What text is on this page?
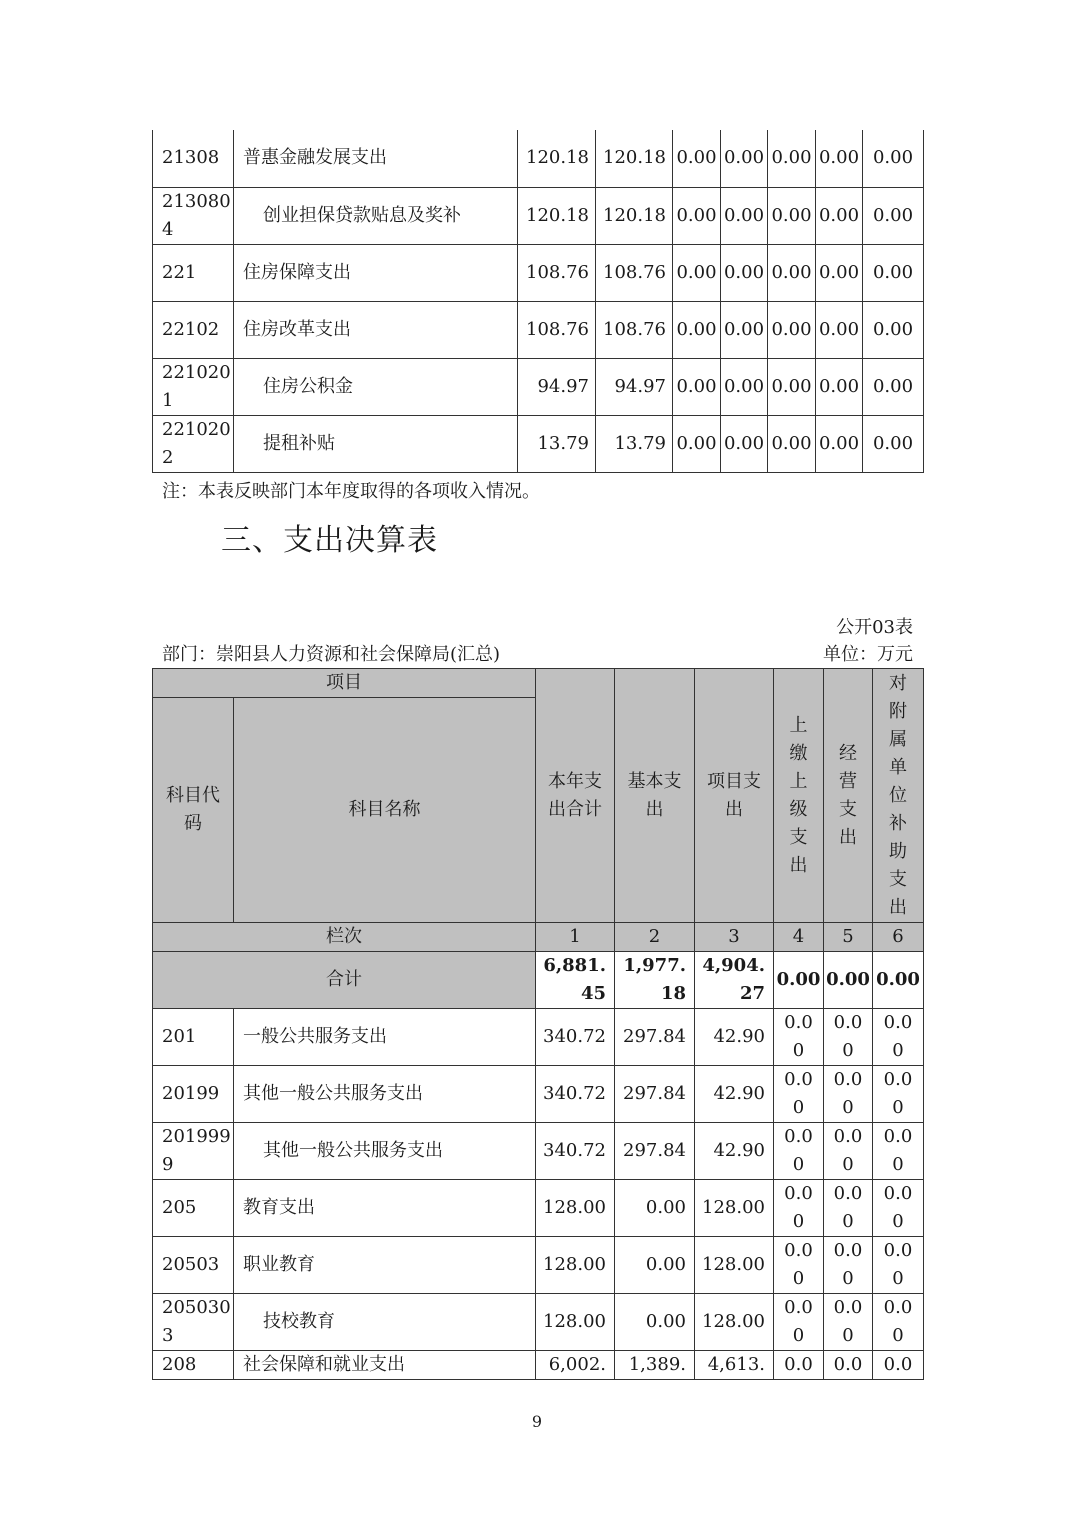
21308	普惠金融发展支出	120.18	120.18	0.00	0.00	0.00	0.00	0.00
2130804	创业担保贷款贴息及奖补	120.18	120.18	0.00	0.00	0.00	0.00	0.00
221	住房保障支出	108.76	108.76	0.00	0.00	0.00	0.00	0.00
22102	住房改革支出	108.76	108.76	0.00	0.00	0.00	0.00	0.00
2210201	住房公积金	94.97	94.97	0.00	0.00	0.00	0.00	0.00
2210202	提租补贴	13.79	13.79	0.00	0.00	0.00	0.00	0.00
注：本表反映部门本年度取得的各项收入情况。
三、支出决算表
公开03表
部门：崇阳县人力资源和社会保障局(汇总)	单位：万元
项目		本年支出合计	基本支出	项目支出	上缴上级支出	经营支出	对附属单位补助支出

科目代码	科目名称						
栏次		1	2	3	4	5	6
合计		6,881.45	1,977.18	4,904.27	0.00	0.00	0.00
201	一般公共服务支出	340.72	297.84	42.90	0.00	0.00	0.00
20199	其他一般公共服务支出	340.72	297.84	42.90	0.00	0.00	0.00
2019999	其他一般公共服务支出	340.72	297.84	42.90	0.00	0.00	0.00
205	教育支出	128.00	0.00	128.00	0.00	0.00	0.00
20503	职业教育	128.00	0.00	128.00	0.00	0.00	0.00
2050303	技校教育	128.00	0.00	128.00	0.00	0.00	0.00
208	社会保障和就业支出	6,002.	1,389.	4,613.	0.0	0.0	0.0
9
